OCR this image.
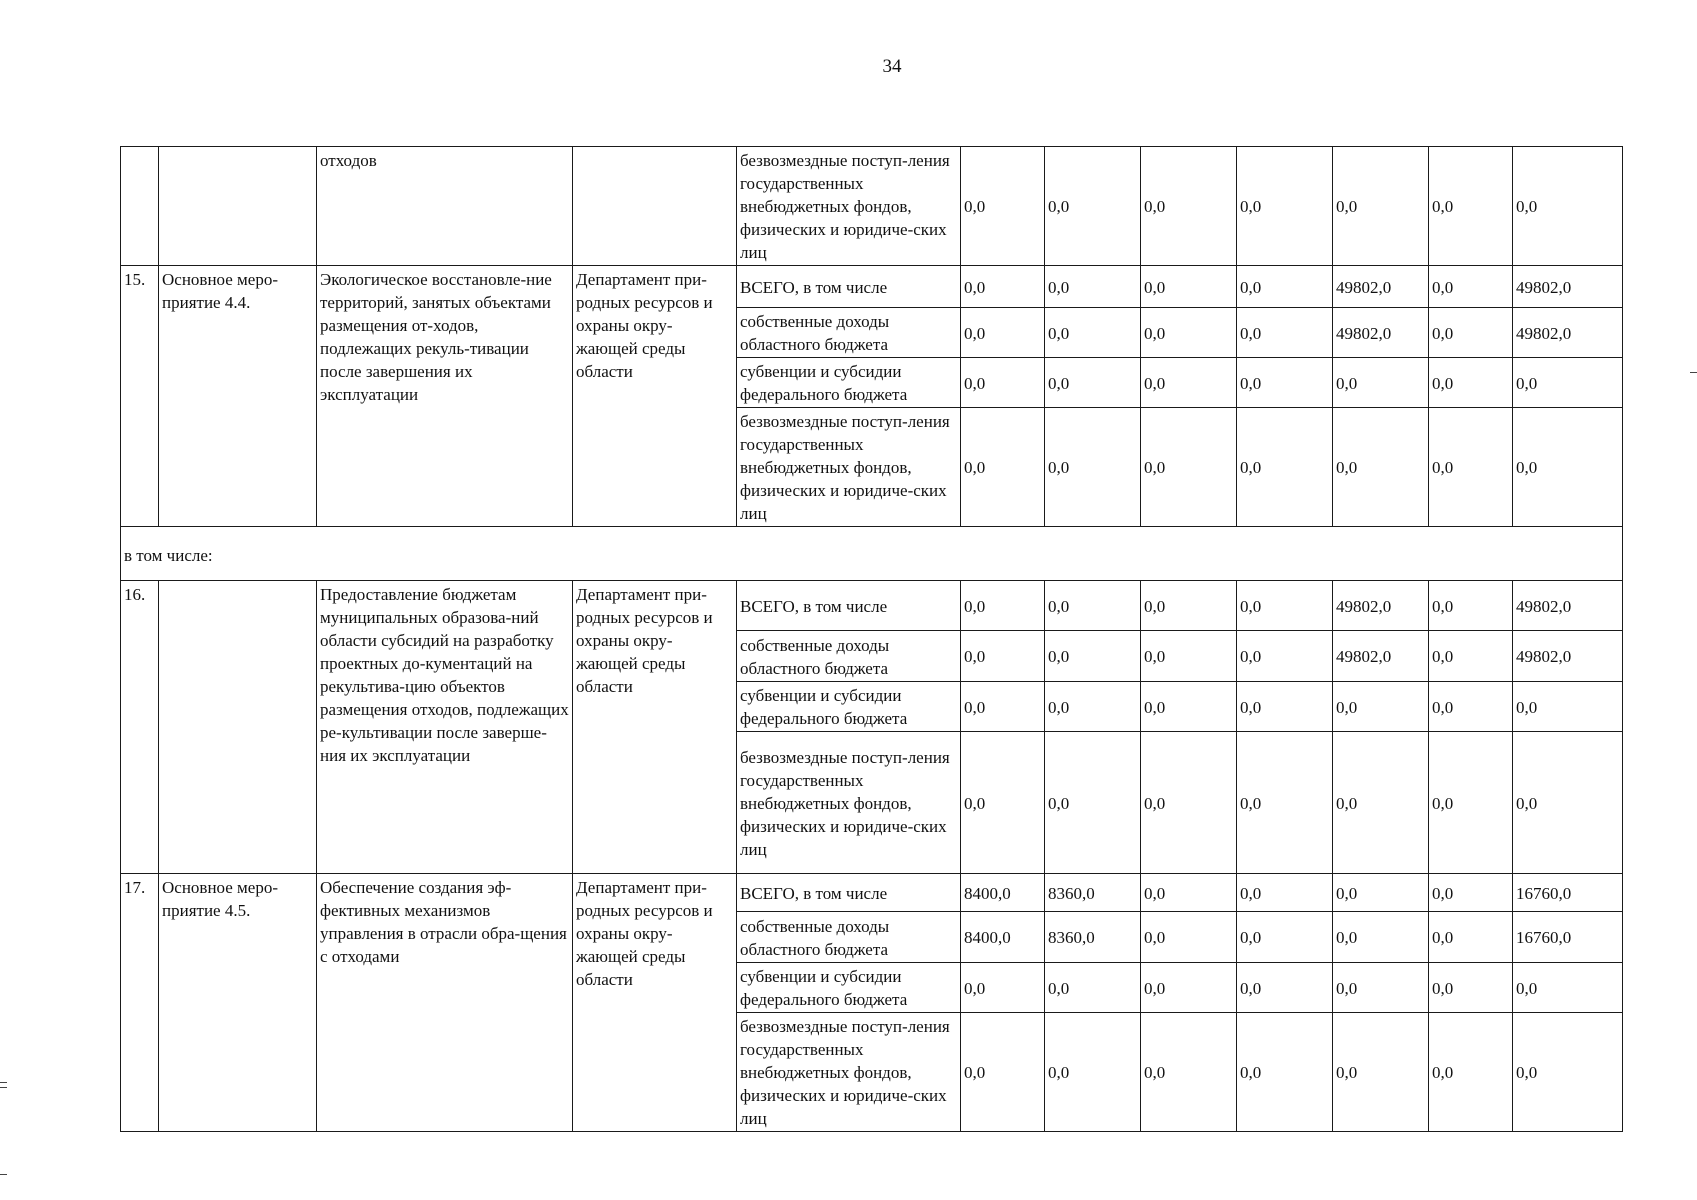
34
		отходов		безвозмездные поступ-ления государственных внебюджетных фондов, физических и юридиче-ских лиц	0,0	0,0	0,0	0,0	0,0	0,0	0,0
15.	Основное меро-приятие 4.4.	Экологическое восстановле-ние территорий, занятых объектами размещения от-ходов, подлежащих рекуль-тивации после завершения их эксплуатации	Департамент при-родных ресурсов и охраны окру-жающей среды области	ВСЕГО, в том числе	0,0	0,0	0,0	0,0	49802,0	0,0	49802,0
				собственные доходы областного бюджета	0,0	0,0	0,0	0,0	49802,0	0,0	49802,0
				субвенции и субсидии федерального бюджета	0,0	0,0	0,0	0,0	0,0	0,0	0,0
				безвозмездные поступ-ления государственных внебюджетных фондов, физических и юридиче-ских лиц	0,0	0,0	0,0	0,0	0,0	0,0	0,0
в том числе:											
16.		Предоставление бюджетам муниципальных образова-ний области субсидий на разработку проектных до-кументаций на рекультива-цию объектов размещения отходов, подлежащих ре-культивации после заверше-ния их эксплуатации	Департамент при-родных ресурсов и охраны окру-жающей среды области	ВСЕГО, в том числе	0,0	0,0	0,0	0,0	49802,0	0,0	49802,0
				собственные доходы областного бюджета	0,0	0,0	0,0	0,0	49802,0	0,0	49802,0
				субвенции и субсидии федерального бюджета	0,0	0,0	0,0	0,0	0,0	0,0	0,0
				безвозмездные поступ-ления государственных внебюджетных фондов, физических и юридиче-ских лиц	0,0	0,0	0,0	0,0	0,0	0,0	0,0
17.	Основное меро-приятие 4.5.	Обеспечение создания эф-фективных механизмов управления в отрасли обра-щения с отходами	Департамент при-родных ресурсов и охраны окру-жающей среды области	ВСЕГО, в том числе	8400,0	8360,0	0,0	0,0	0,0	0,0	16760,0
				собственные доходы областного бюджета	8400,0	8360,0	0,0	0,0	0,0	0,0	16760,0
				субвенции и субсидии федерального бюджета	0,0	0,0	0,0	0,0	0,0	0,0	0,0
				безвозмездные поступ-ления государственных внебюджетных фондов, физических и юридиче-ских лиц	0,0	0,0	0,0	0,0	0,0	0,0	0,0
